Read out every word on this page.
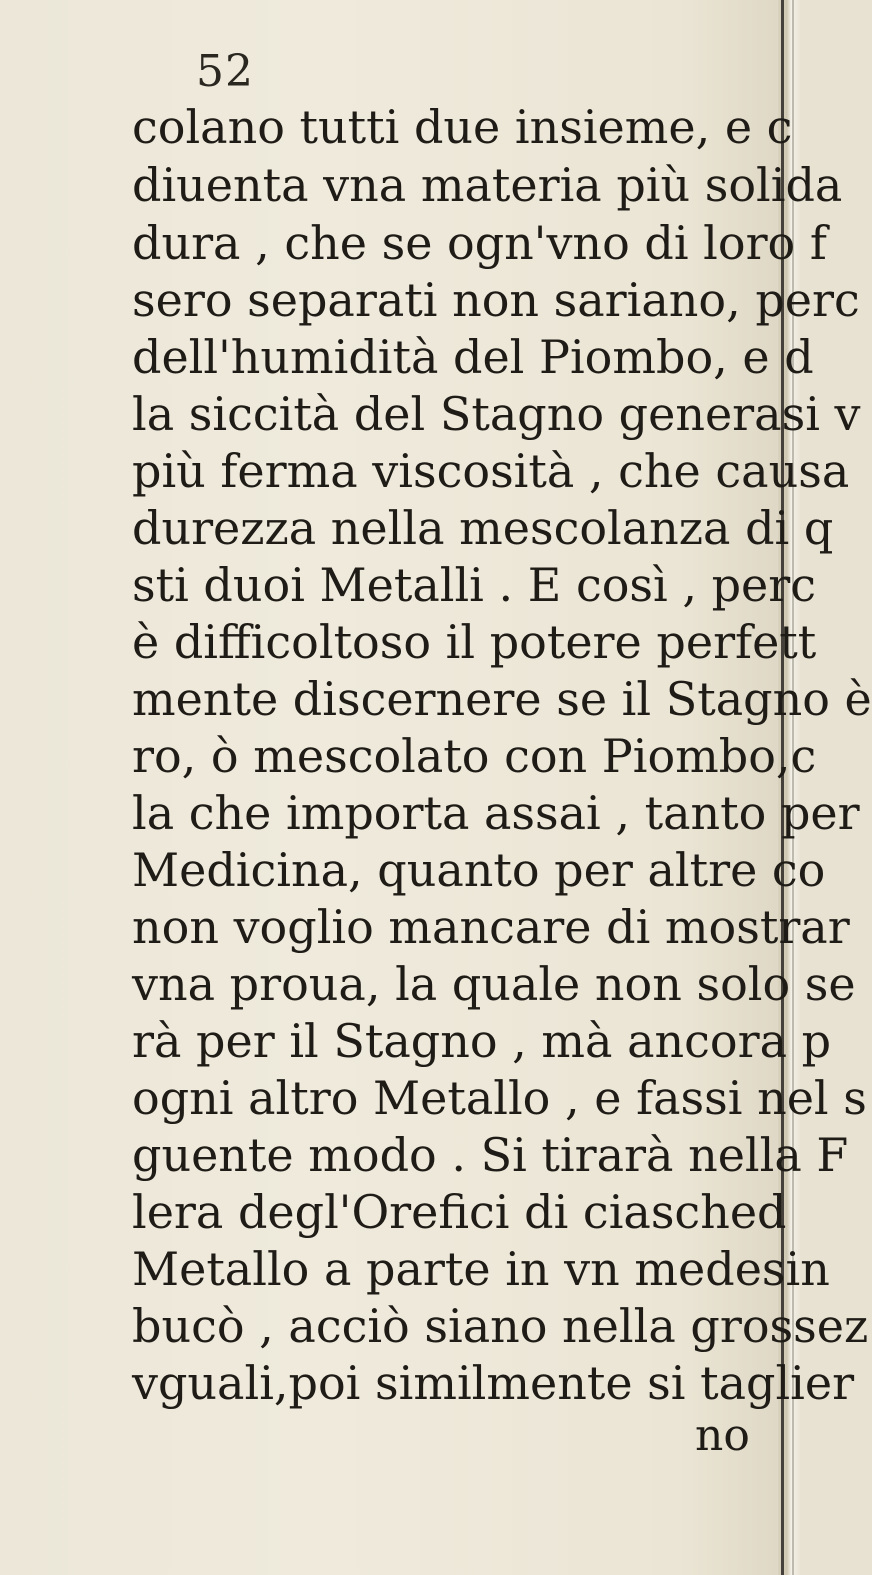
52
colano tutti due insieme, e c
diuenta vna materia più solida
dura , che se ogn'vno di loro f
sero separati non sariano, perc
dell'humidità del Piombo, e d
la siccità del Stagno generasi v
più ferma viscosità , che causa
durezza nella mescolanza di q
sti duoi Metalli . E così , perc
è difficoltoso il potere perfett
mente discernere se il Stagno è
ro, ò mescolato con Piombo,c
la che importa assai , tanto per
Medicina, quanto per altre co
non voglio mancare di mostrar
vna proua, la quale non solo se
rà per il Stagno , mà ancora p
ogni altro Metallo , e fassi nel s
guente modo . Si tirarà nella F
lera degl'Orefici di ciasched
Metallo a parte in vn medesin
bucò , acciò siano nella grossez
vguali,poi similmente si taglier
no
